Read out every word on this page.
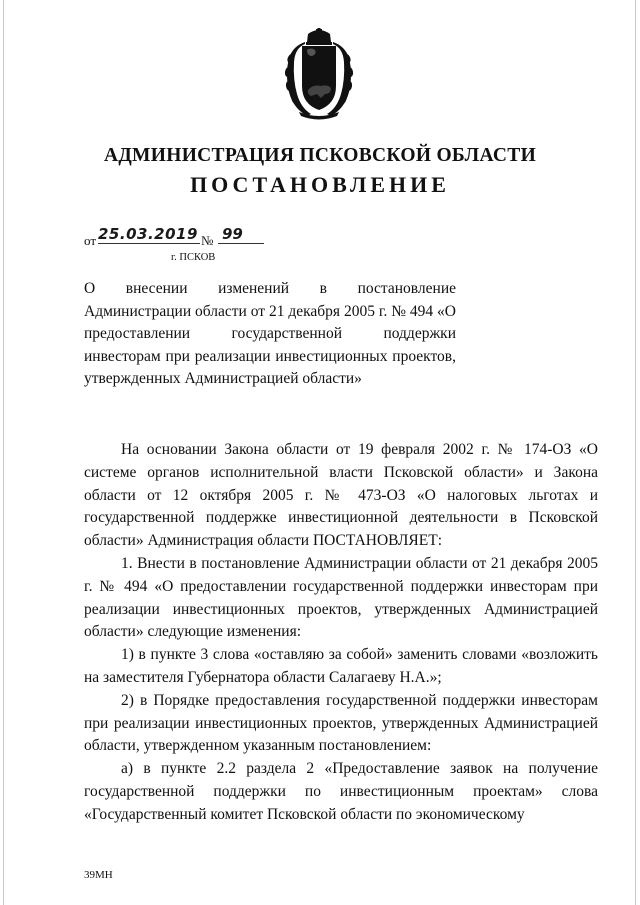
АДМИНИСТРАЦИЯ ПСКОВСКОЙ ОБЛАСТИ
ПОСТАНОВЛЕНИЕ
от 25.03.2019 № 99
г. ПСКОВ
О внесении изменений в постановление Администрации области от 21 декабря 2005 г. № 494 «О предоставлении государственной поддержки инвесторам при реализации инвестиционных проектов, утвержденных Администрацией области»

На основании Закона области от 19 февраля 2002 г. № 174-ОЗ «О системе органов исполнительной власти Псковской области» и Закона области от 12 октября 2005 г. № 473-ОЗ «О налоговых льготах и государственной поддержке инвестиционной деятельности в Псковской области» Администрация области ПОСТАНОВЛЯЕТ:

1. Внести в постановление Администрации области от 21 декабря 2005 г. № 494 «О предоставлении государственной поддержки инвесторам при реализации инвестиционных проектов, утвержденных Администрацией области» следующие изменения:

1) в пункте 3 слова «оставляю за собой» заменить словами «возложить на заместителя Губернатора области Салагаеву Н.А.»;

2) в Порядке предоставления государственной поддержки инвесторам при реализации инвестиционных проектов, утвержденных Администрацией области, утвержденном указанным постановлением:

а) в пункте 2.2 раздела 2 «Предоставление заявок на получение государственной поддержки по инвестиционным проектам» слова «Государственный комитет Псковской области по экономическому

39МН
